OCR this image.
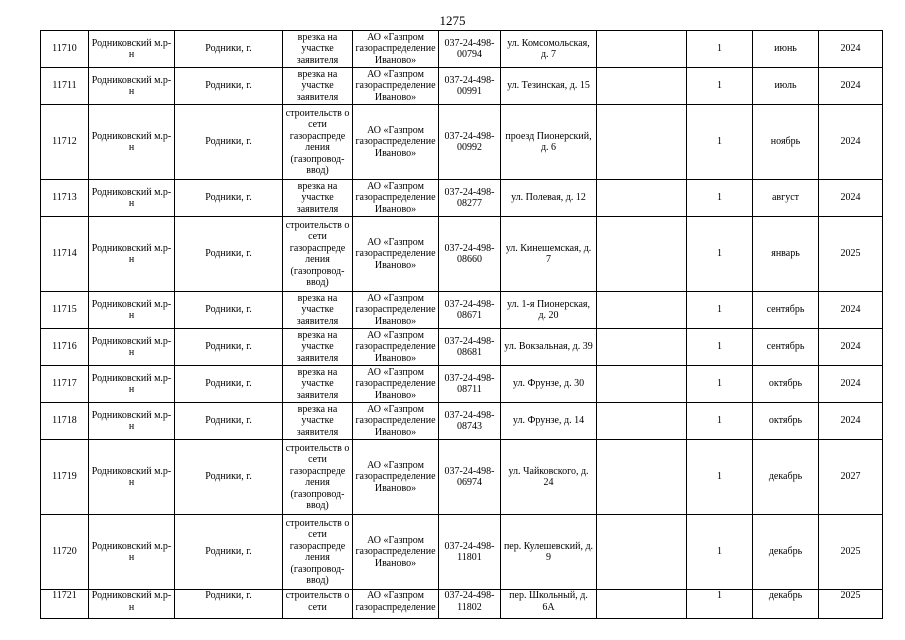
1275
11710	Родниковский м.р-н	Родники, г.	врезка на участке заявителя	АО «Газпром газораспределение Иваново»	037-24-498-00794	ул. Комсомольская, д. 7		1	июнь	2024
11711	Родниковский м.р-н	Родники, г.	врезка на участке заявителя	АО «Газпром газораспределение Иваново»	037-24-498-00991	ул. Тезинская, д. 15		1	июль	2024
11712	Родниковский м.р-н	Родники, г.	строительств о сети газораспреде ления (газопровод-ввод)	АО «Газпром газораспределение Иваново»	037-24-498-00992	проезд Пионерский, д. 6		1	ноябрь	2024
11713	Родниковский м.р-н	Родники, г.	врезка на участке заявителя	АО «Газпром газораспределение Иваново»	037-24-498-08277	ул. Полевая, д. 12		1	август	2024
11714	Родниковский м.р-н	Родники, г.	строительств о сети газораспреде ления (газопровод-ввод)	АО «Газпром газораспределение Иваново»	037-24-498-08660	ул. Кинешемская, д. 7		1	январь	2025
11715	Родниковский м.р-н	Родники, г.	врезка на участке заявителя	АО «Газпром газораспределение Иваново»	037-24-498-08671	ул. 1-я Пионерская, д. 20		1	сентябрь	2024
11716	Родниковский м.р-н	Родники, г.	врезка на участке заявителя	АО «Газпром газораспределение Иваново»	037-24-498-08681	ул. Вокзальная, д. 39		1	сентябрь	2024
11717	Родниковский м.р-н	Родники, г.	врезка на участке заявителя	АО «Газпром газораспределение Иваново»	037-24-498-08711	ул. Фрунзе, д. 30		1	октябрь	2024
11718	Родниковский м.р-н	Родники, г.	врезка на участке заявителя	АО «Газпром газораспределение Иваново»	037-24-498-08743	ул. Фрунзе, д. 14		1	октябрь	2024
11719	Родниковский м.р-н	Родники, г.	строительств о сети газораспреде ления (газопровод-ввод)	АО «Газпром газораспределение Иваново»	037-24-498-06974	ул. Чайковского, д. 24		1	декабрь	2027
11720	Родниковский м.р-н	Родники, г.	строительств о сети газораспреде ления (газопровод-ввод)	АО «Газпром газораспределение Иваново»	037-24-498-11801	пер. Кулешевский, д. 9		1	декабрь	2025
11721	Родниковский м.р-н	Родники, г.	строительств о сети	АО «Газпром газораспределение	037-24-498-11802	пер. Школьный, д. 6А		1	декабрь	2025
